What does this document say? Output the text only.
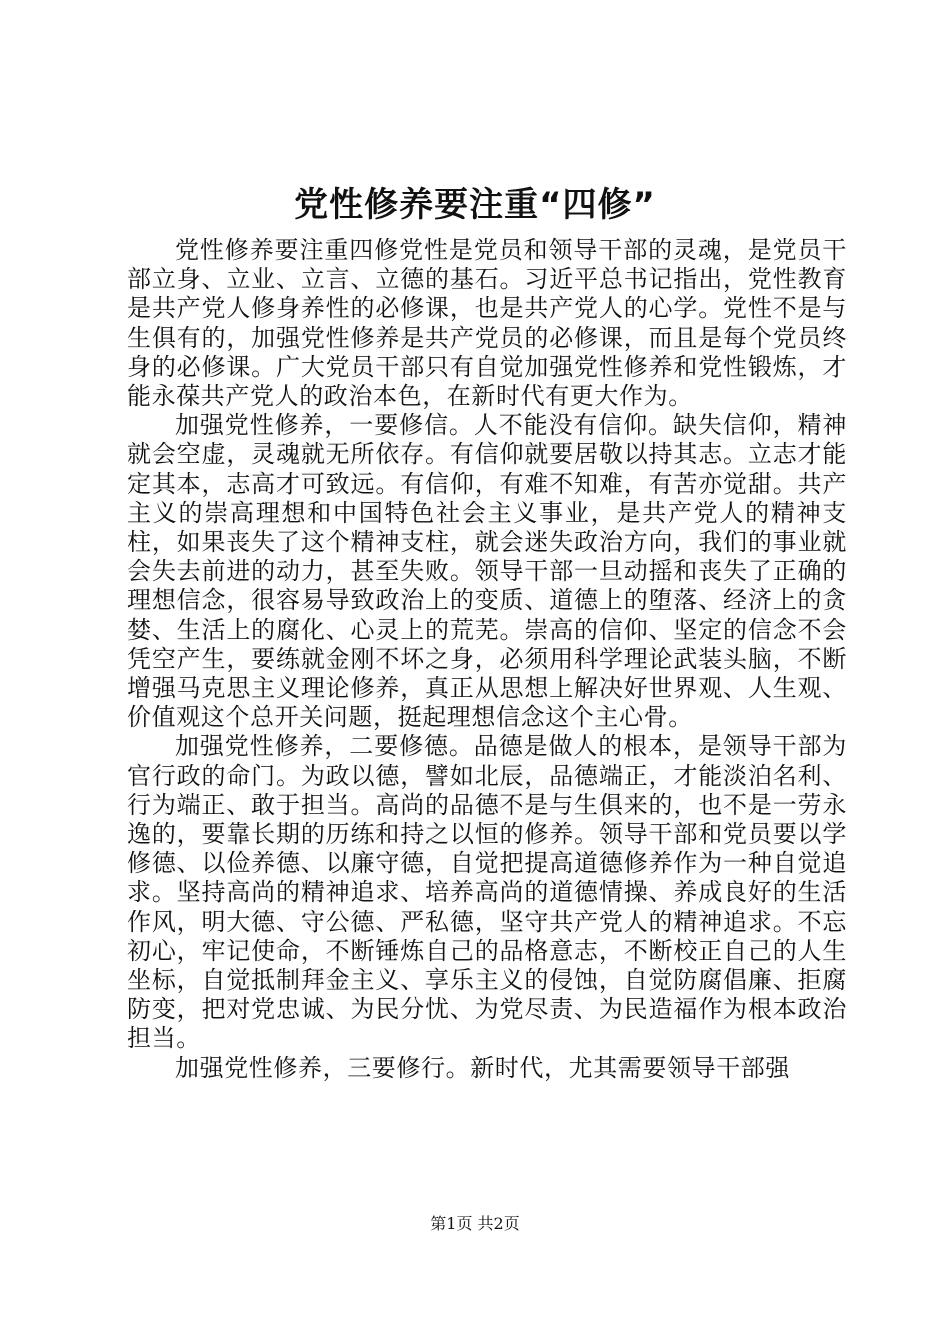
党性修养要注重“四修”

党性修养要注重四修党性是党员和领导干部的灵魂，是党员干部立身、立业、立言、立德的基石。习近平总书记指出，党性教育是共产党人修身养性的必修课，也是共产党人的心学。党性不是与生俱有的，加强党性修养是共产党员的必修课，而且是每个党员终身的必修课。广大党员干部只有自觉加强党性修养和党性锻炼，才能永葆共产党人的政治本色，在新时代有更大作为。

加强党性修养，一要修信。人不能没有信仰。缺失信仰，精神就会空虚，灵魂就无所依存。有信仰就要居敬以持其志。立志才能定其本，志高才可致远。有信仰，有难不知难，有苦亦觉甜。共产主义的崇高理想和中国特色社会主义事业，是共产党人的精神支柱，如果丧失了这个精神支柱，就会迷失政治方向，我们的事业就会失去前进的动力，甚至失败。领导干部一旦动摇和丧失了正确的理想信念，很容易导致政治上的变质、道德上的堕落、经济上的贪婪、生活上的腐化、心灵上的荒芜。崇高的信仰、坚定的信念不会凭空产生，要练就金刚不坏之身，必须用科学理论武装头脑，不断增强马克思主义理论修养，真正从思想上解决好世界观、人生观、价值观这个总开关问题，挺起理想信念这个主心骨。

加强党性修养，二要修德。品德是做人的根本，是领导干部为官行政的命门。为政以德，譬如北辰，品德端正，才能淡泊名利、行为端正、敢于担当。高尚的品德不是与生俱来的，也不是一劳永逸的，要靠长期的历练和持之以恒的修养。领导干部和党员要以学修德、以俭养德、以廉守德，自觉把提高道德修养作为一种自觉追求。坚持高尚的精神追求、培养高尚的道德情操、养成良好的生活作风，明大德、守公德、严私德，坚守共产党人的精神追求。不忘初心，牢记使命，不断锤炼自己的品格意志，不断校正自己的人生坐标，自觉抵制拜金主义、享乐主义的侵蚀，自觉防腐倡廉、拒腐防变，把对党忠诚、为民分忧、为党尽责、为民造福作为根本政治担当。

加强党性修养，三要修行。新时代，尤其需要领导干部强

第1页 共2页
